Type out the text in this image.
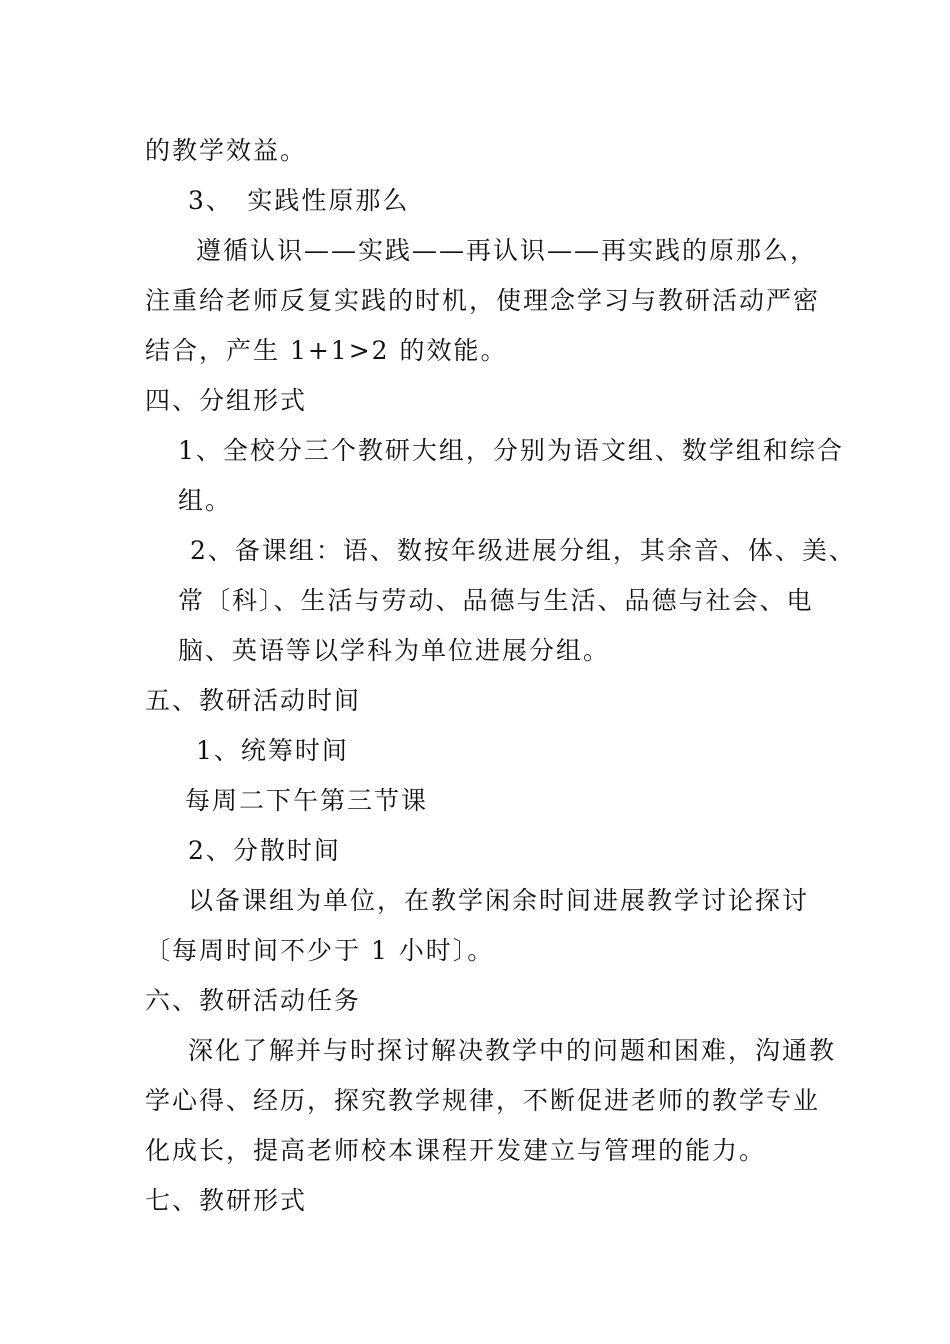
的教学效益。
3、　实践性原那么
遵循认识——实践——再认识——再实践的原那么，
注重给老师反复实践的时机，使理念学习与教研活动严密
结合，产生 1+1>2 的效能。
四、分组形式
1、全校分三个教研大组，分别为语文组、数学组和综合
组。
2、备课组：语、数按年级进展分组，其余音、体、美、
常〔科〕、生活与劳动、品德与生活、品德与社会、电
脑、英语等以学科为单位进展分组。
五、教研活动时间
1、统筹时间
每周二下午第三节课
2、分散时间
以备课组为单位，在教学闲余时间进展教学讨论探讨
〔每周时间不少于 1 小时〕。
六、教研活动任务
深化了解并与时探讨解决教学中的问题和困难，沟通教
学心得、经历，探究教学规律，不断促进老师的教学专业
化成长，提高老师校本课程开发建立与管理的能力。
七、教研形式
